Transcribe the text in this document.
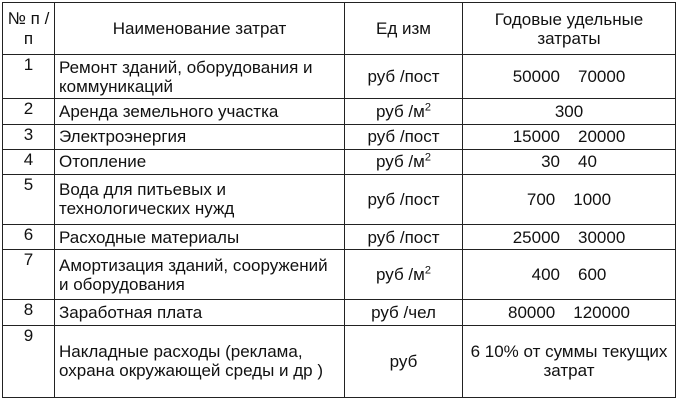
№ п /п	Наименование затрат	Ед изм	Годовые удельные затраты
1	Ремонт зданий, оборудования и коммуникаций	руб /пост	50000 70000
2	Аренда земельного участка	руб $/м^2$	300
3	Электроэнергия	руб /пост	15000 20000
4	Отопление	руб $/м^2$	30 40
5	Вода для питьевых и технологических нужд	руб /пост	700 1000
6	Расходные материалы	руб /пост	25000 30000
7	Амортизация зданий, сооружений и оборудования	руб $/м^2$	400 600
8	Заработная плата	руб /чел	80000 120000
9	Накладные расходы (реклама, охрана окружающей среды и др )	руб	6 10% от суммы текущих затрат
